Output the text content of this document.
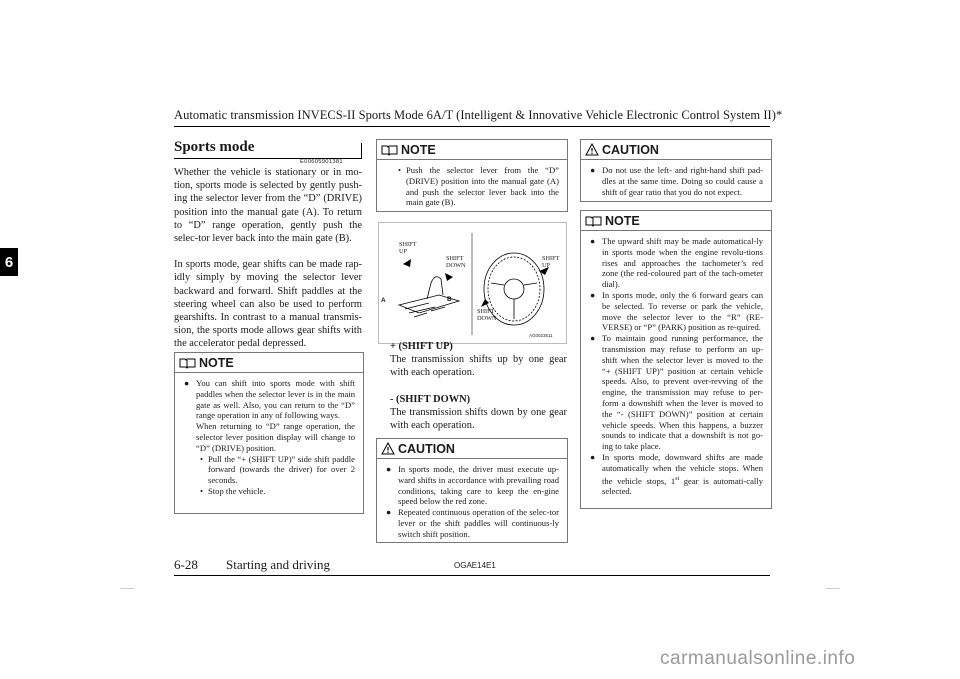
Automatic transmission INVECS-II Sports Mode 6A/T (Intelligent & Innovative Vehicle Electronic Control System II)*
6
Sports mode
E00605901381

Whether the vehicle is stationary or in mo-tion, sports mode is selected by gently push-ing the selector lever from the “D” (DRIVE) position into the manual gate (A). To return to “D” range operation, gently push the selec-tor lever back into the main gate (B).

In sports mode, gear shifts can be made rap-idly simply by moving the selector lever backward and forward. Shift paddles at the steering wheel can also be used to perform gearshifts. In contrast to a manual transmis-sion, the sports mode allows gear shifts with the accelerator pedal depressed.

NOTE
● You can shift into sports mode with shift paddles when the selector lever is in the main gate as well. Also, you can return to the “D” range operation in any of following ways.

When returning to “D” range operation, the selector lever position display will change to “D” (DRIVE) position.

• Pull the “+ (SHIFT UP)” side shift paddle forward (towards the driver) for over 2 seconds.
• Stop the vehicle.
NOTE
• Push the selector lever from the “D” (DRIVE) position into the manual gate (A) and push the selector lever back into the main gate (B).
SHIFT UP
SHIFT DOWN
A	B
SHIFT UP
SHIFT DOWN
AG0023511

+ (SHIFT UP)

The transmission shifts up by one gear with each operation.

- (SHIFT DOWN)

The transmission shifts down by one gear with each operation.

CAUTION
● In sports mode, the driver must execute up-ward shifts in accordance with prevailing road conditions, taking care to keep the en-gine speed below the red zone.
● Repeated continuous operation of the selec-tor lever or the shift paddles will continuous-ly switch shift position.
CAUTION
● Do not use the left- and right-hand shift pad-dles at the same time. Doing so could cause a shift of gear ratio that you do not expect.
NOTE
● The upward shift may be made automatical-ly in sports mode when the engine revolu-tions rises and approaches the tachometer’s red zone (the red-coloured part of the tach-ometer dial).
● In sports mode, only the 6 forward gears can be selected. To reverse or park the vehicle, move the selector lever to the “R” (RE-VERSE) or “P” (PARK) position as re-quired.
● To maintain good running performance, the transmission may refuse to perform an up-shift when the selector lever is moved to the “+ (SHIFT UP)” position at certain vehicle speeds. Also, to prevent over-revving of the engine, the transmission may refuse to per-form a downshift when the lever is moved to the “- (SHIFT DOWN)” position at certain vehicle speeds. When this happens, a buzzer sounds to indicate that a downshift is not go-ing to take place.
● In sports mode, downward shifts are made automatically when the vehicle stops. When the vehicle stops, 1st gear is automati-cally selected.
6-28 Starting and driving	OGAE14E1
carmanualsonline.info
